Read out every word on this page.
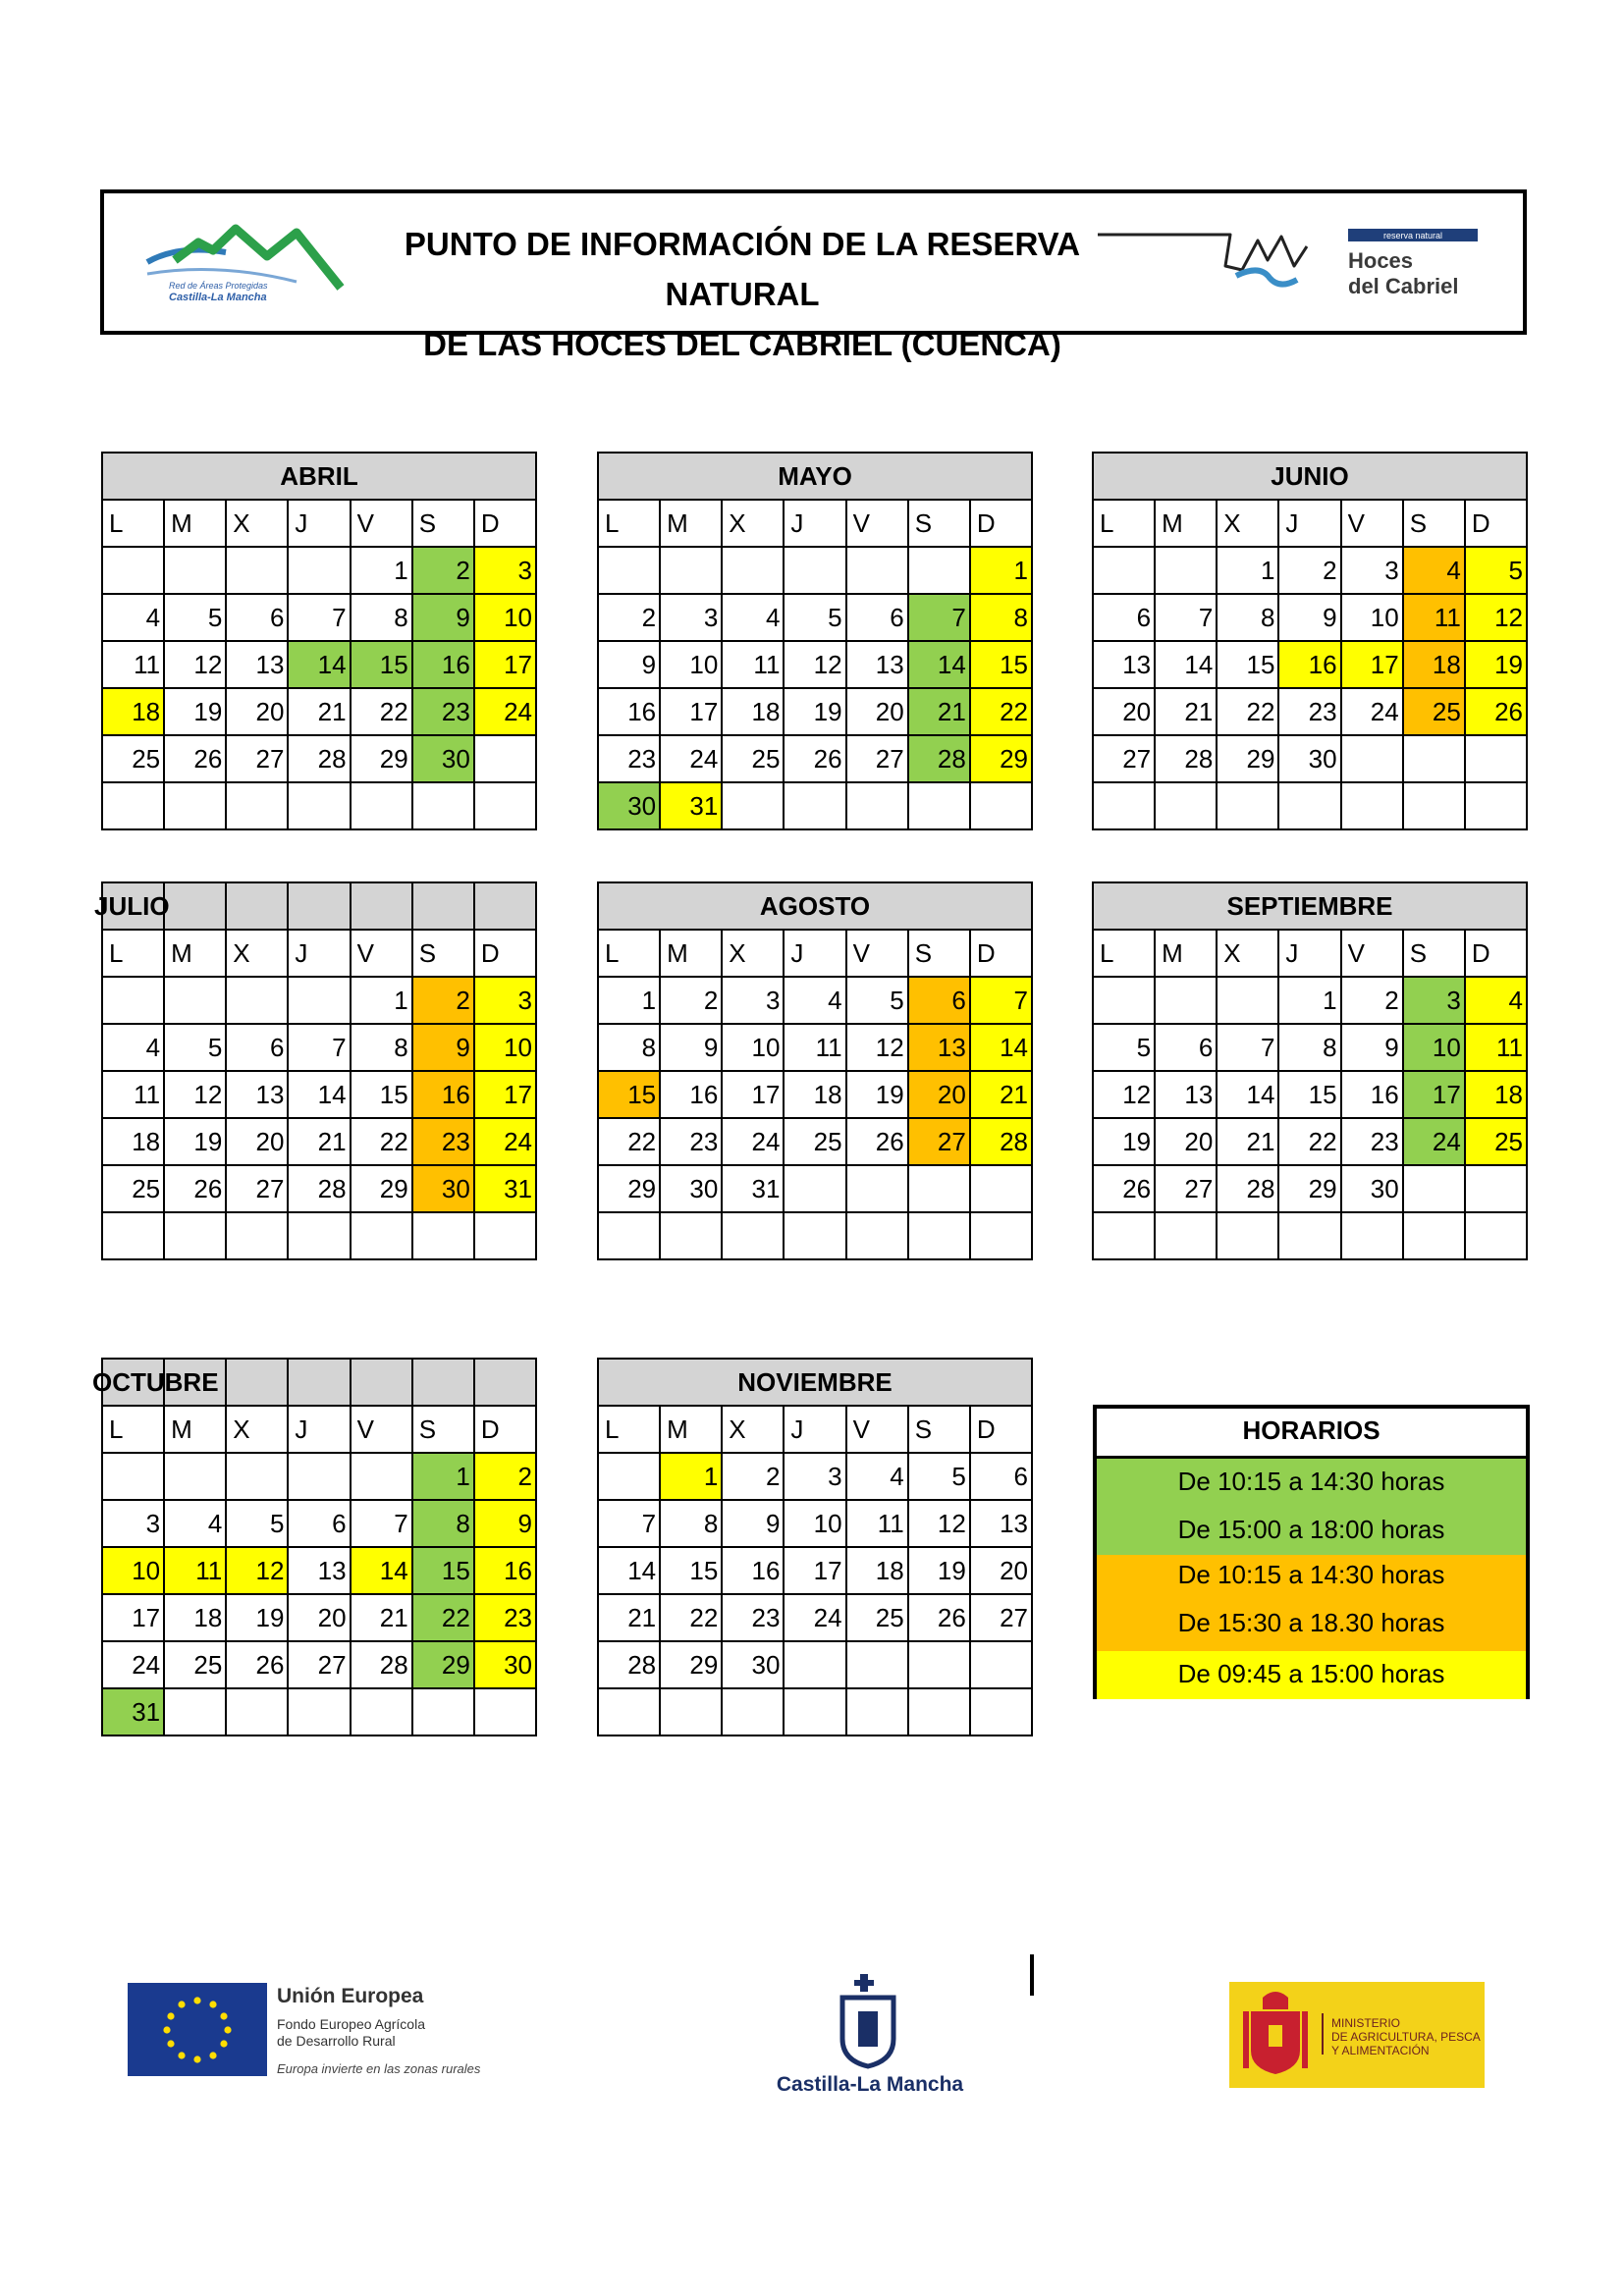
Red de Áreas Protegidas
Castilla-La Mancha
PUNTO DE INFORMACIÓN DE LA RESERVA NATURAL
DE LAS HOCES DEL CABRIEL (CUENCA)
reserva natural
Hoces
del Cabriel
ABRIL						
L	M	X	J	V	S	D
				1	2	3
4	5	6	7	8	9	10
11	12	13	14	15	16	17
18	19	20	21	22	23	24
25	26	27	28	29	30	

MAYO						
L	M	X	J	V	S	D
						1
2	3	4	5	6	7	8
9	10	11	12	13	14	15
16	17	18	19	20	21	22
23	24	25	26	27	28	29
30	31					
JUNIO						
L	M	X	J	V	S	D
		1	2	3	4	5
6	7	8	9	10	11	12
13	14	15	16	17	18	19
20	21	22	23	24	25	26
27	28	29	30			

JULIO						
L	M	X	J	V	S	D
				1	2	3
4	5	6	7	8	9	10
11	12	13	14	15	16	17
18	19	20	21	22	23	24
25	26	27	28	29	30	31

AGOSTO						
L	M	X	J	V	S	D
1	2	3	4	5	6	7
8	9	10	11	12	13	14
15	16	17	18	19	20	21
22	23	24	25	26	27	28
29	30	31				

SEPTIEMBRE						
L	M	X	J	V	S	D
			1	2	3	4
5	6	7	8	9	10	11
12	13	14	15	16	17	18
19	20	21	22	23	24	25
26	27	28	29	30		

OCTUBRE						
L	M	X	J	V	S	D
					1	2
3	4	5	6	7	8	9
10	11	12	13	14	15	16
17	18	19	20	21	22	23
24	25	26	27	28	29	30
31						
NOVIEMBRE						
L	M	X	J	V	S	D
	1	2	3	4	5	6
7	8	9	10	11	12	13
14	15	16	17	18	19	20
21	22	23	24	25	26	27
28	29	30				

HORARIOS
De 10:15 a 14:30 horas
De 15:00 a 18:00 horas
De 10:15 a 14:30 horas
De 15:30 a 18.30 horas
De 09:45 a 15:00 horas
Unión Europea
Fondo Europeo Agrícola
de Desarrollo Rural
Europa invierte en las zonas rurales
Castilla-La Mancha
MINISTERIO
DE AGRICULTURA, PESCA
Y ALIMENTACIÓN
